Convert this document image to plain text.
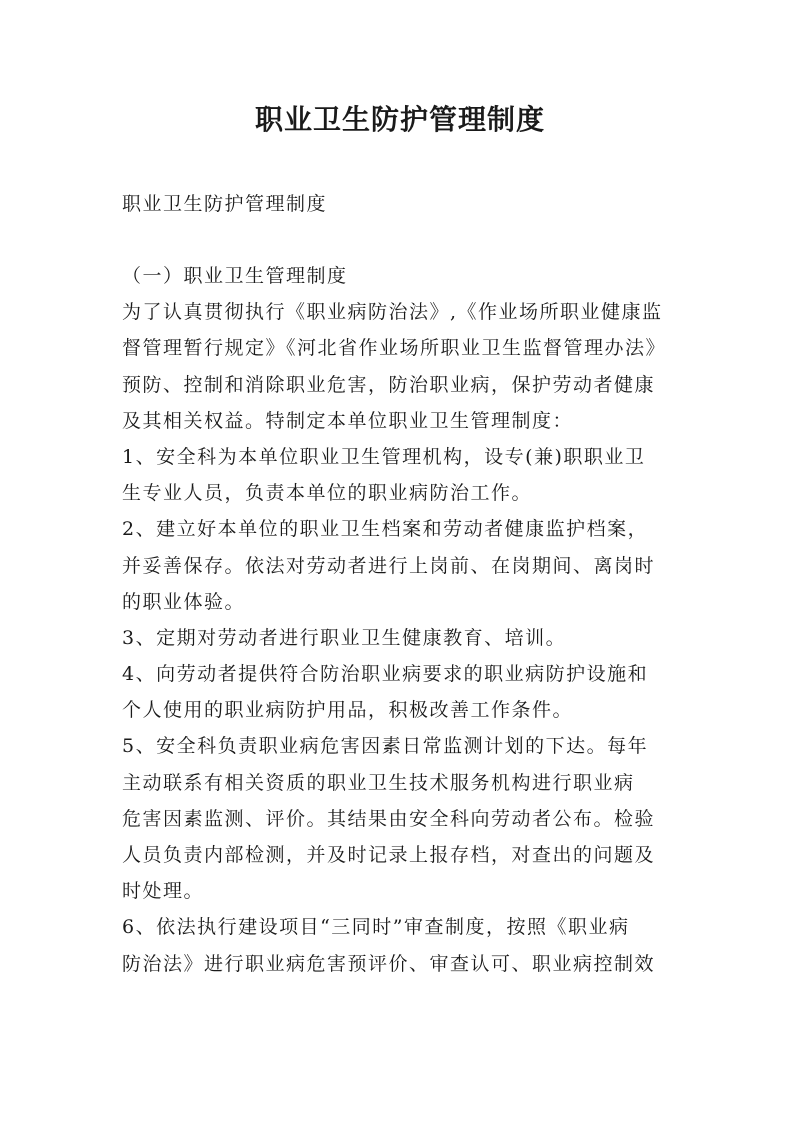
职业卫生防护管理制度
职业卫生防护管理制度
（一）职业卫生管理制度
为了认真贯彻执行《职业病防治法》,《作业场所职业健康监
督管理暂行规定》《河北省作业场所职业卫生监督管理办法》
预防、控制和消除职业危害，防治职业病，保护劳动者健康
及其相关权益。特制定本单位职业卫生管理制度：
1、安全科为本单位职业卫生管理机构，设专(兼)职职业卫
生专业人员，负责本单位的职业病防治工作。
2、建立好本单位的职业卫生档案和劳动者健康监护档案，
并妥善保存。依法对劳动者进行上岗前、在岗期间、离岗时
的职业体验。
3、定期对劳动者进行职业卫生健康教育、培训。
4、向劳动者提供符合防治职业病要求的职业病防护设施和
个人使用的职业病防护用品，积极改善工作条件。
5、安全科负责职业病危害因素日常监测计划的下达。每年
主动联系有相关资质的职业卫生技术服务机构进行职业病
危害因素监测、评价。其结果由安全科向劳动者公布。检验
人员负责内部检测，并及时记录上报存档，对查出的问题及
时处理。
6、依法执行建设项目“三同时”审查制度，按照《职业病
防治法》进行职业病危害预评价、审查认可、职业病控制效
